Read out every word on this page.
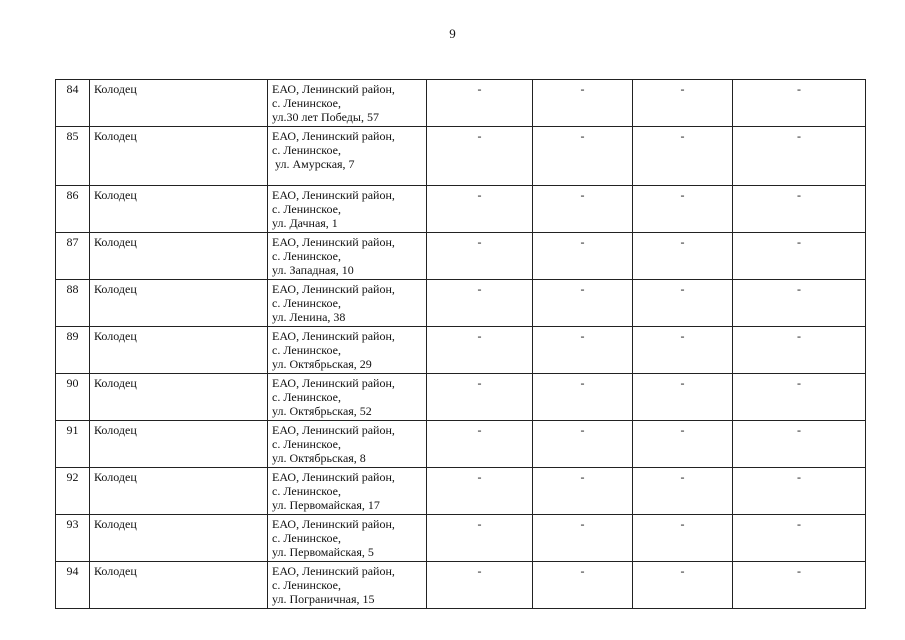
9
84	Колодец	ЕАО, Ленинский район,
с. Ленинское,
ул.30 лет Победы, 57	-	-	-	-
85	Колодец	ЕАО, Ленинский район,
с. Ленинское,
ул. Амурская, 7	-	-	-	-
86	Колодец	ЕАО, Ленинский район,
с. Ленинское,
ул. Дачная, 1	-	-	-	-
87	Колодец	ЕАО, Ленинский район,
с. Ленинское,
ул. Западная, 10	-	-	-	-
88	Колодец	ЕАО, Ленинский район,
с. Ленинское,
ул. Ленина, 38	-	-	-	-
89	Колодец	ЕАО, Ленинский район,
с. Ленинское,
ул. Октябрьская, 29	-	-	-	-
90	Колодец	ЕАО, Ленинский район,
с. Ленинское,
ул. Октябрьская, 52	-	-	-	-
91	Колодец	ЕАО, Ленинский район,
с. Ленинское,
ул. Октябрьская, 8	-	-	-	-
92	Колодец	ЕАО, Ленинский район,
с. Ленинское,
ул. Первомайская, 17	-	-	-	-
93	Колодец	ЕАО, Ленинский район,
с. Ленинское,
ул. Первомайская, 5	-	-	-	-
94	Колодец	ЕАО, Ленинский район,
с. Ленинское,
ул. Пограничная, 15	-	-	-	-
